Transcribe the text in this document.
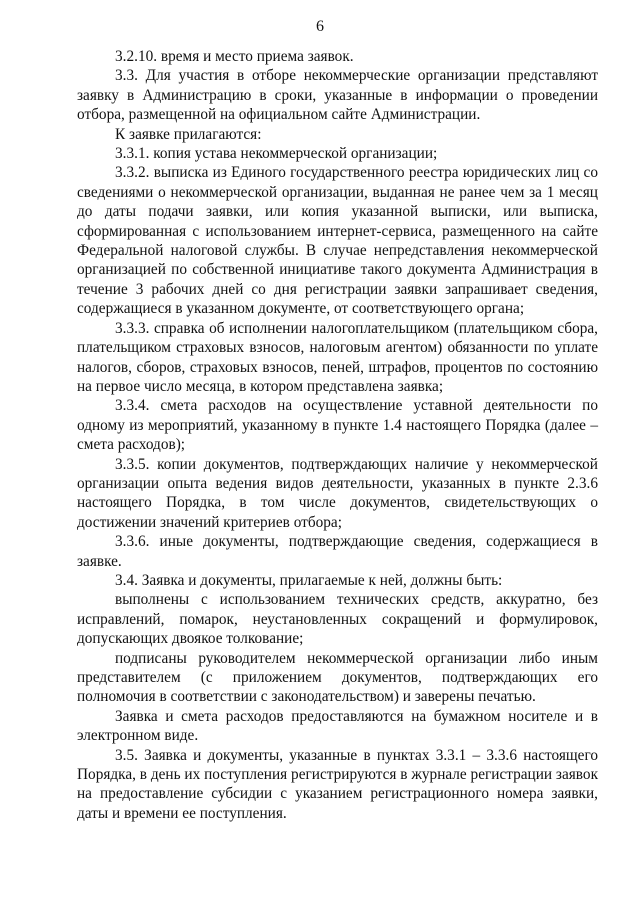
6

3.2.10. время и место приема заявок.

3.3. Для участия в отборе некоммерческие организации представляют заявку в Администрацию в сроки, указанные в информации о проведении отбора, размещенной на официальном сайте Администрации.

К заявке прилагаются:

3.3.1. копия устава некоммерческой организации;

3.3.2. выписка из Единого государственного реестра юридических лиц со сведениями о некоммерческой организации, выданная не ранее чем за 1 месяц до даты подачи заявки, или копия указанной выписки, или выписка, сформированная с использованием интернет-сервиса, размещенного на сайте Федеральной налоговой службы. В случае непредставления некоммерческой организацией по собственной инициативе такого документа Администрация в течение 3 рабочих дней со дня регистрации заявки запрашивает сведения, содержащиеся в указанном документе, от соответствующего органа;

3.3.3. справка об исполнении налогоплательщиком (плательщиком сбора, плательщиком страховых взносов, налоговым агентом) обязанности по уплате налогов, сборов, страховых взносов, пеней, штрафов, процентов по состоянию на первое число месяца, в котором представлена заявка;

3.3.4. смета расходов на осуществление уставной деятельности по одному из мероприятий, указанному в пункте 1.4 настоящего Порядка (далее – смета расходов);

3.3.5. копии документов, подтверждающих наличие у некоммерческой организации опыта ведения видов деятельности, указанных в пункте 2.3.6 настоящего Порядка, в том числе документов, свидетельствующих о достижении значений критериев отбора;

3.3.6. иные документы, подтверждающие сведения, содержащиеся в заявке.

3.4. Заявка и документы, прилагаемые к ней, должны быть:

выполнены с использованием технических средств, аккуратно, без исправлений, помарок, неустановленных сокращений и формулировок, допускающих двоякое толкование;

подписаны руководителем некоммерческой организации либо иным представителем (с приложением документов, подтверждающих его полномочия в соответствии с законодательством) и заверены печатью.

Заявка и смета расходов предоставляются на бумажном носителе и в электронном виде.

3.5. Заявка и документы, указанные в пунктах 3.3.1 – 3.3.6 настоящего Порядка, в день их поступления регистрируются в журнале регистрации заявок на предоставление субсидии с указанием регистрационного номера заявки, даты и времени ее поступления.
